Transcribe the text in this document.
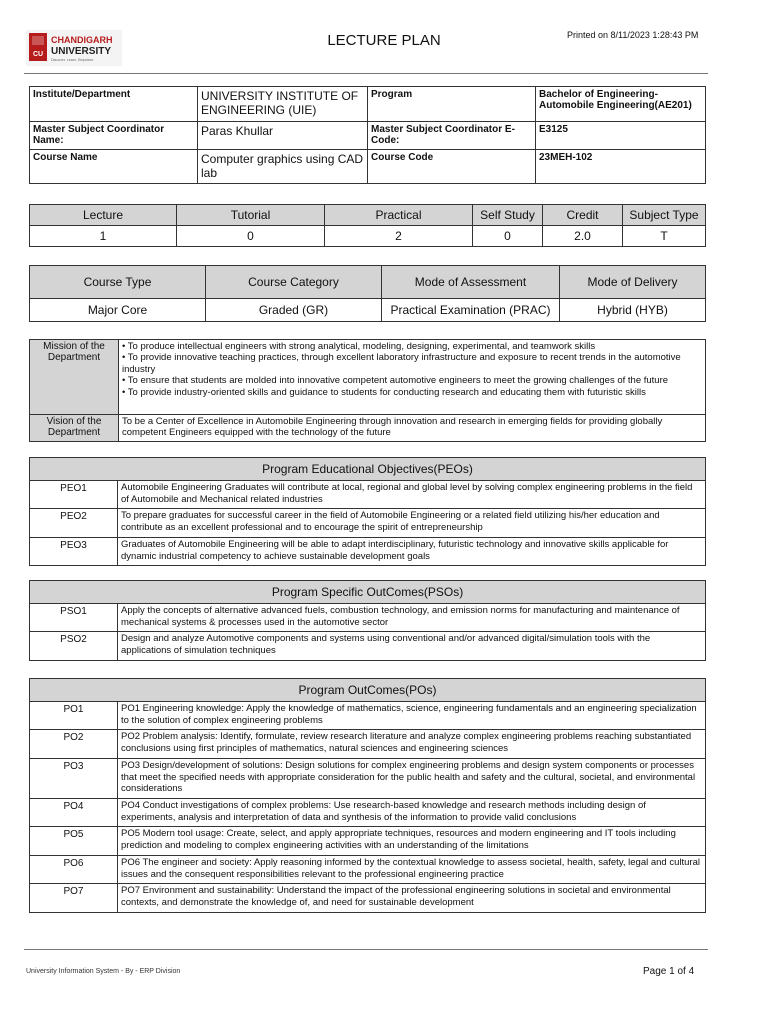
CU
CHANDIGARH
UNIVERSITY
Discover. Learn. Empower.
LECTURE PLAN	Printed on 8/11/2023 1:28:43 PM
Institute/Department	UNIVERSITY INSTITUTE OF ENGINEERING (UIE)	Program	Bachelor of Engineering-Automobile Engineering(AE201)
Master Subject Coordinator Name:	Paras Khullar	Master Subject Coordinator E-Code:	E3125
Course Name	Computer graphics using CAD lab	Course Code	23MEH-102
Lecture	Tutorial	Practical	Self Study	Credit	Subject Type
1	0	2	0	2.0	T
Course Type	Course Category	Mode of Assessment	Mode of Delivery
Major Core	Graded (GR)	Practical Examination (PRAC)	Hybrid (HYB)
Mission of the Department	• To produce intellectual engineers with strong analytical, modeling, designing, experimental, and teamwork skills
• To provide innovative teaching practices, through excellent laboratory infrastructure and exposure to recent trends in the automotive industry
• To ensure that students are molded into innovative competent automotive engineers to meet the growing challenges of the future
• To provide industry-oriented skills and guidance to students for conducting research and educating them with futuristic skills

Vision of the Department	To be a Center of Excellence in Automobile Engineering through innovation and research in emerging fields for providing globally competent Engineers equipped with the technology of the future
Program Educational Objectives(PEOs)	
PEO1	Automobile Engineering Graduates will contribute at local, regional and global level by solving complex engineering problems in the field of Automobile and Mechanical related industries
PEO2	To prepare graduates for successful career in the field of Automobile Engineering or a related field utilizing his/her education and contribute as an excellent professional and to encourage the spirit of entrepreneurship
PEO3	Graduates of Automobile Engineering will be able to adapt interdisciplinary, futuristic technology and innovative skills applicable for dynamic industrial competency to achieve sustainable development goals
Program Specific OutComes(PSOs)	
PSO1	Apply the concepts of alternative advanced fuels, combustion technology, and emission norms for manufacturing and maintenance of mechanical systems & processes used in the automotive sector
PSO2	Design and analyze Automotive components and systems using conventional and/or advanced digital/simulation tools with the applications of simulation techniques
Program OutComes(POs)	
PO1	PO1 Engineering knowledge: Apply the knowledge of mathematics, science, engineering fundamentals and an engineering specialization to the solution of complex engineering problems
PO2	PO2 Problem analysis: Identify, formulate, review research literature and analyze complex engineering problems reaching substantiated conclusions using first principles of mathematics, natural sciences and engineering sciences
PO3	PO3 Design/development of solutions: Design solutions for complex engineering problems and design system components or processes that meet the specified needs with appropriate consideration for the public health and safety and the cultural, societal, and environmental considerations
PO4	PO4 Conduct investigations of complex problems: Use research-based knowledge and research methods including design of experiments, analysis and interpretation of data and synthesis of the information to provide valid conclusions
PO5	PO5 Modern tool usage: Create, select, and apply appropriate techniques, resources and modern engineering and IT tools including prediction and modeling to complex engineering activities with an understanding of the limitations
PO6	PO6 The engineer and society: Apply reasoning informed by the contextual knowledge to assess societal, health, safety, legal and cultural issues and the consequent responsibilities relevant to the professional engineering practice
PO7	PO7 Environment and sustainability: Understand the impact of the professional engineering solutions in societal and environmental contexts, and demonstrate the knowledge of, and need for sustainable development
University Information System - By - ERP Division	Page 1 of 4
